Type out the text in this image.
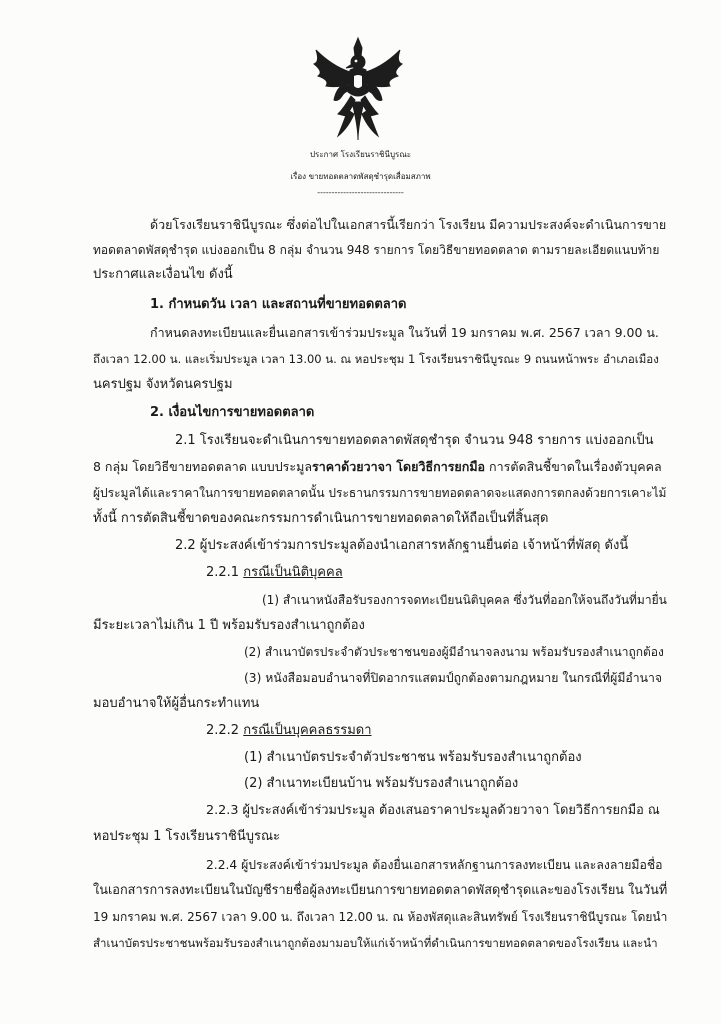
ประกาศ โรงเรียนราชินีบูรณะ
เรื่อง ขายทอดตลาดพัสดุชำรุดเสื่อมสภาพ
------------------------------
ด้วยโรงเรียนราชินีบูรณะ ซึ่งต่อไปในเอกสารนี้เรียกว่า โรงเรียน มีความประสงค์จะดำเนินการขาย
ทอดตลาดพัสดุชำรุด แบ่งออกเป็น 8 กลุ่ม จำนวน 948 รายการ โดยวิธีขายทอดตลาด ตามรายละเอียดแนบท้าย
ประกาศและเงื่อนไข ดังนี้
1. กำหนดวัน เวลา และสถานที่ขายทอดตลาด
กำหนดลงทะเบียนและยื่นเอกสารเข้าร่วมประมูล ในวันที่ 19 มกราคม พ.ศ. 2567 เวลา 9.00 น.
ถึงเวลา 12.00 น. และเริ่มประมูล เวลา 13.00 น. ณ หอประชุม 1 โรงเรียนราชินีบูรณะ 9 ถนนหน้าพระ อำเภอเมือง
นครปฐม จังหวัดนครปฐม
2. เงื่อนไขการขายทอดตลาด
2.1 โรงเรียนจะดำเนินการขายทอดตลาดพัสดุชำรุด จำนวน 948 รายการ แบ่งออกเป็น
8 กลุ่ม โดยวิธีขายทอดตลาด แบบประมูลราคาด้วยวาจา โดยวิธีการยกมือ การตัดสินชี้ขาดในเรื่องตัวบุคคล
ผู้ประมูลได้และราคาในการขายทอดตลาดนั้น ประธานกรรมการขายทอดตลาดจะแสดงการตกลงด้วยการเคาะไม้
ทั้งนี้ การตัดสินชี้ขาดของคณะกรรมการดำเนินการขายทอดตลาดให้ถือเป็นที่สิ้นสุด
2.2 ผู้ประสงค์เข้าร่วมการประมูลต้องนำเอกสารหลักฐานยื่นต่อ เจ้าหน้าที่พัสดุ ดังนี้
2.2.1 กรณีเป็นนิติบุคคล
(1) สำเนาหนังสือรับรองการจดทะเบียนนิติบุคคล ซึ่งวันที่ออกให้จนถึงวันที่มายื่น
มีระยะเวลาไม่เกิน 1 ปี พร้อมรับรองสำเนาถูกต้อง
(2) สำเนาบัตรประจำตัวประชาชนของผู้มีอำนาจลงนาม พร้อมรับรองสำเนาถูกต้อง
(3) หนังสือมอบอำนาจที่ปิดอากรแสตมป์ถูกต้องตามกฎหมาย ในกรณีที่ผู้มีอำนาจ
มอบอำนาจให้ผู้อื่นกระทำแทน
2.2.2 กรณีเป็นบุคคลธรรมดา
(1) สำเนาบัตรประจำตัวประชาชน พร้อมรับรองสำเนาถูกต้อง
(2) สำเนาทะเบียนบ้าน พร้อมรับรองสำเนาถูกต้อง
2.2.3 ผู้ประสงค์เข้าร่วมประมูล ต้องเสนอราคาประมูลด้วยวาจา โดยวิธีการยกมือ ณ
หอประชุม 1 โรงเรียนราชินีบูรณะ
2.2.4 ผู้ประสงค์เข้าร่วมประมูล ต้องยื่นเอกสารหลักฐานการลงทะเบียน และลงลายมือชื่อ
ในเอกสารการลงทะเบียนในบัญชีรายชื่อผู้ลงทะเบียนการขายทอดตลาดพัสดุชำรุดและของโรงเรียน ในวันที่
19 มกราคม พ.ศ. 2567 เวลา 9.00 น. ถึงเวลา 12.00 น. ณ ห้องพัสดุและสินทรัพย์ โรงเรียนราชินีบูรณะ โดยนำ
สำเนาบัตรประชาชนพร้อมรับรองสำเนาถูกต้องมามอบให้แก่เจ้าหน้าที่ดำเนินการขายทอดตลาดของโรงเรียน และนำ
